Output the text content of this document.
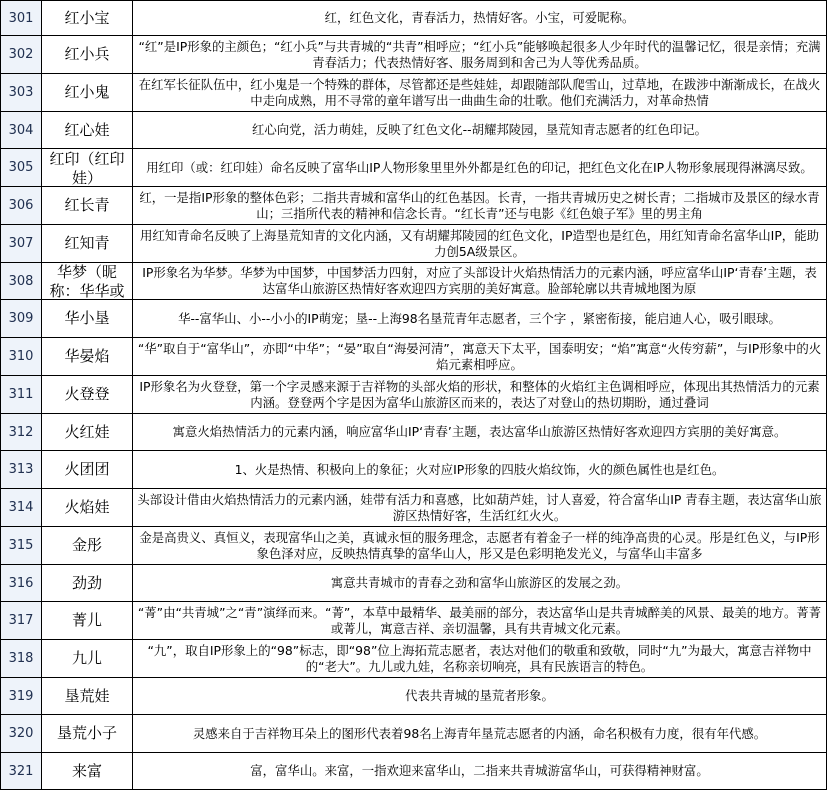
301	红小宝	红，红色文化，青春活力，热情好客。小宝，可爱昵称。

302	红小兵	“红”是IP形象的主颜色；“红小兵”与共青城的“共青”相呼应；“红小兵”能够唤起很多人少年时代的温馨记忆，很是亲情；充满青春活力；代表热情好客、服务周到和舍己为人等优秀品质。

303	红小鬼	在红军长征队伍中，红小鬼是一个特殊的群体，尽管都还是些娃娃，却跟随部队爬雪山，过草地，在跋涉中渐渐成长，在战火中走向成熟，用不寻常的童年谱写出一曲曲生命的壮歌。他们充满活力，对革命热情

304	红心娃	红心向党，活力萌娃，反映了红色文化--胡耀邦陵园，垦荒知青志愿者的红色印记。

305	红印（红印娃）	用红印（或：红印娃）命名反映了富华山IP人物形象里里外外都是红色的印记，把红色文化在IP人物形象展现得淋漓尽致。

306	红长青	红，一是指IP形象的整体色彩；二指共青城和富华山的红色基因。长青，一指共青城历史之树长青；二指城市及景区的绿水青山；三指所代表的精神和信念长青。“红长青”还与电影《红色娘子军》里的男主角

307	红知青	用红知青命名反映了上海垦荒知青的文化内涵，又有胡耀邦陵园的红色文化，IP造型也是红色，用红知青命名富华山IP，能助力创5A级景区。

308	华梦（昵称：华华或	IP形象名为华梦。华梦为中国梦，中国梦活力四射，对应了头部设计火焰热情活力的元素内涵，呼应富华山IP‘青春’主题，表达富华山旅游区热情好客欢迎四方宾朋的美好寓意。脸部轮廓以共青城地图为原

309	华小垦	华--富华山、小--小小的IP萌宠；垦--上海98名垦荒青年志愿者，三个字 ，紧密衔接，能启迪人心，吸引眼球。

310	华晏焰	“华”取自于“富华山”，亦即“中华”；“晏”取自“海晏河清”，寓意天下太平，国泰明安；“焰”寓意“火传穷薪”，与IP形象中的火焰元素相呼应。

311	火登登	IP形象名为火登登，第一个字灵感来源于吉祥物的头部火焰的形状，和整体的火焰红主色调相呼应，体现出其热情活力的元素内涵。登登两个字是因为富华山旅游区而来的，表达了对登山的热切期盼，通过叠词

312	火红娃	寓意火焰热情活力的元素内涵，响应富华山IP‘青春’主题，表达富华山旅游区热情好客欢迎四方宾朋的美好寓意。

313	火团团	1、火是热情、积极向上的象征；火对应IP形象的四肢火焰纹饰，火的颜色属性也是红色。

314	火焰娃	头部设计借由火焰热情活力的元素内涵，娃带有活力和喜感，比如葫芦娃，讨人喜爱，符合富华山IP 青春主题，表达富华山旅游区热情好客，生活红红火火。

315	金彤	金是高贵义、真恒义，表现富华山之美，真诚永恒的服务理念，志愿者有着金子一样的纯净高贵的心灵。彤是红色义，与IP形象色泽对应，反映热情真挚的富华山人，彤又是色彩明艳发光义，与富华山丰富多

316	劲劲	寓意共青城市的青春之劲和富华山旅游区的发展之劲。

317	菁儿	“菁”由“共青城”之“青”演绎而来。“菁”，本草中最精华、最美丽的部分，表达富华山是共青城醉美的风景、最美的地方。菁菁或菁儿，寓意吉祥、亲切温馨，具有共青城文化元素。

318	九儿	“九”，取自IP形象上的“98”标志，即“98”位上海拓荒志愿者，表达对他们的敬重和致敬，同时“九”为最大，寓意吉祥物中的“老大”。九儿或九娃，名称亲切响亮，具有民族语言的特色。

319	垦荒娃	代表共青城的垦荒者形象。

320	垦荒小子	灵感来自于吉祥物耳朵上的图形代表着98名上海青年垦荒志愿者的内涵，命名积极有力度，很有年代感。

321	来富	富，富华山。来富，一指欢迎来富华山，二指来共青城游富华山，可获得精神财富。
